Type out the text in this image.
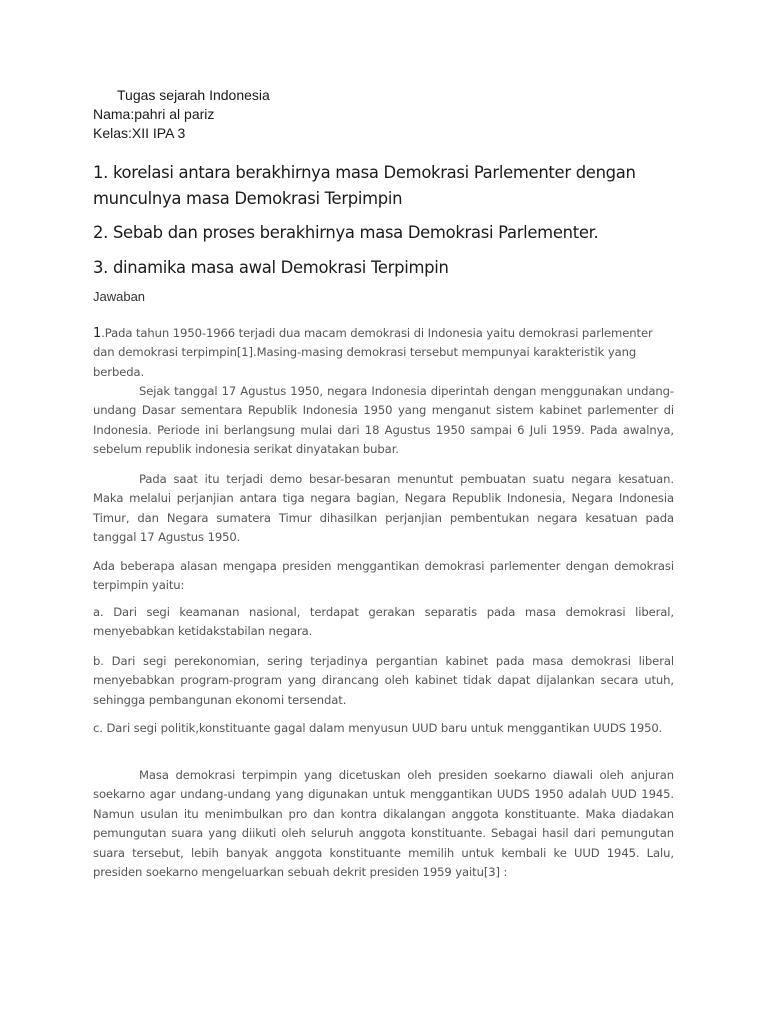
Tugas sejarah Indonesia
Nama:pahri al pariz
Kelas:XII IPA 3
1. korelasi antara berakhirnya masa Demokrasi Parlementer dengan munculnya masa Demokrasi Terpimpin
2. Sebab dan proses berakhirnya masa Demokrasi Parlementer.
3. dinamika masa awal Demokrasi Terpimpin
Jawaban
1.Pada tahun 1950-1966 terjadi dua macam demokrasi di Indonesia yaitu demokrasi parlementer dan demokrasi terpimpin[1].Masing-masing demokrasi tersebut mempunyai karakteristik yang berbeda.
Sejak tanggal 17 Agustus 1950, negara Indonesia diperintah dengan menggunakan undang-undang Dasar sementara Republik Indonesia 1950 yang menganut sistem kabinet parlementer di Indonesia. Periode ini berlangsung mulai dari 18 Agustus 1950 sampai 6 Juli 1959. Pada awalnya, sebelum republik indonesia serikat dinyatakan bubar.
Pada saat itu terjadi demo besar-besaran menuntut pembuatan suatu negara kesatuan. Maka melalui perjanjian antara tiga negara bagian, Negara Republik Indonesia, Negara Indonesia Timur, dan Negara sumatera Timur dihasilkan perjanjian pembentukan negara kesatuan pada tanggal 17 Agustus 1950.
Ada beberapa alasan mengapa presiden menggantikan demokrasi parlementer dengan demokrasi terpimpin yaitu:
a. Dari segi keamanan nasional, terdapat gerakan separatis pada masa demokrasi liberal, menyebabkan ketidakstabilan negara.
b. Dari segi perekonomian, sering terjadinya pergantian kabinet pada masa demokrasi liberal menyebabkan program-program yang dirancang oleh kabinet tidak dapat dijalankan secara utuh, sehingga pembangunan ekonomi tersendat.
c. Dari segi politik,konstituante gagal dalam menyusun UUD baru untuk menggantikan UUDS 1950.
Masa demokrasi terpimpin yang dicetuskan oleh presiden soekarno diawali oleh anjuran soekarno agar undang-undang yang digunakan untuk menggantikan UUDS 1950 adalah UUD 1945. Namun usulan itu menimbulkan pro dan kontra dikalangan anggota konstituante. Maka diadakan pemungutan suara yang diikuti oleh seluruh anggota konstituante. Sebagai hasil dari pemungutan suara tersebut, lebih banyak anggota konstituante memilih untuk kembali ke UUD 1945. Lalu, presiden soekarno mengeluarkan sebuah dekrit presiden 1959 yaitu[3] :
